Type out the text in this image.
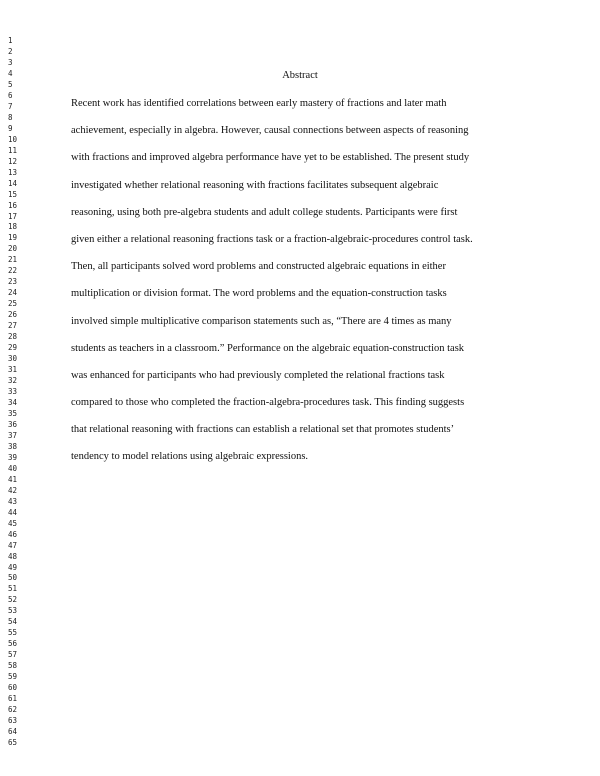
1
2
3
4
5
6
7
8
9
10
11
12
13
14
15
16
17
18
19
20
21
22
23
24
25
26
27
28
29
30
31
32
33
34
35
36
37
38
39
40
41
42
43
44
45
46
47
48
49
50
51
52
53
54
55
56
57
58
59
60
61
62
63
64
65
Abstract
Recent work has identified correlations between early mastery of fractions and later math
achievement, especially in algebra. However, causal connections between aspects of reasoning
with fractions and improved algebra performance have yet to be established. The present study
investigated whether relational reasoning with fractions facilitates subsequent algebraic
reasoning, using both pre-algebra students and adult college students. Participants were first
given either a relational reasoning fractions task or a fraction-algebraic-procedures control task.
Then, all participants solved word problems and constructed algebraic equations in either
multiplication or division format. The word problems and the equation-construction tasks
involved simple multiplicative comparison statements such as, “There are 4 times as many
students as teachers in a classroom.” Performance on the algebraic equation-construction task
was enhanced for participants who had previously completed the relational fractions task
compared to those who completed the fraction-algebra-procedures task. This finding suggests
that relational reasoning with fractions can establish a relational set that promotes students’
tendency to model relations using algebraic expressions.
